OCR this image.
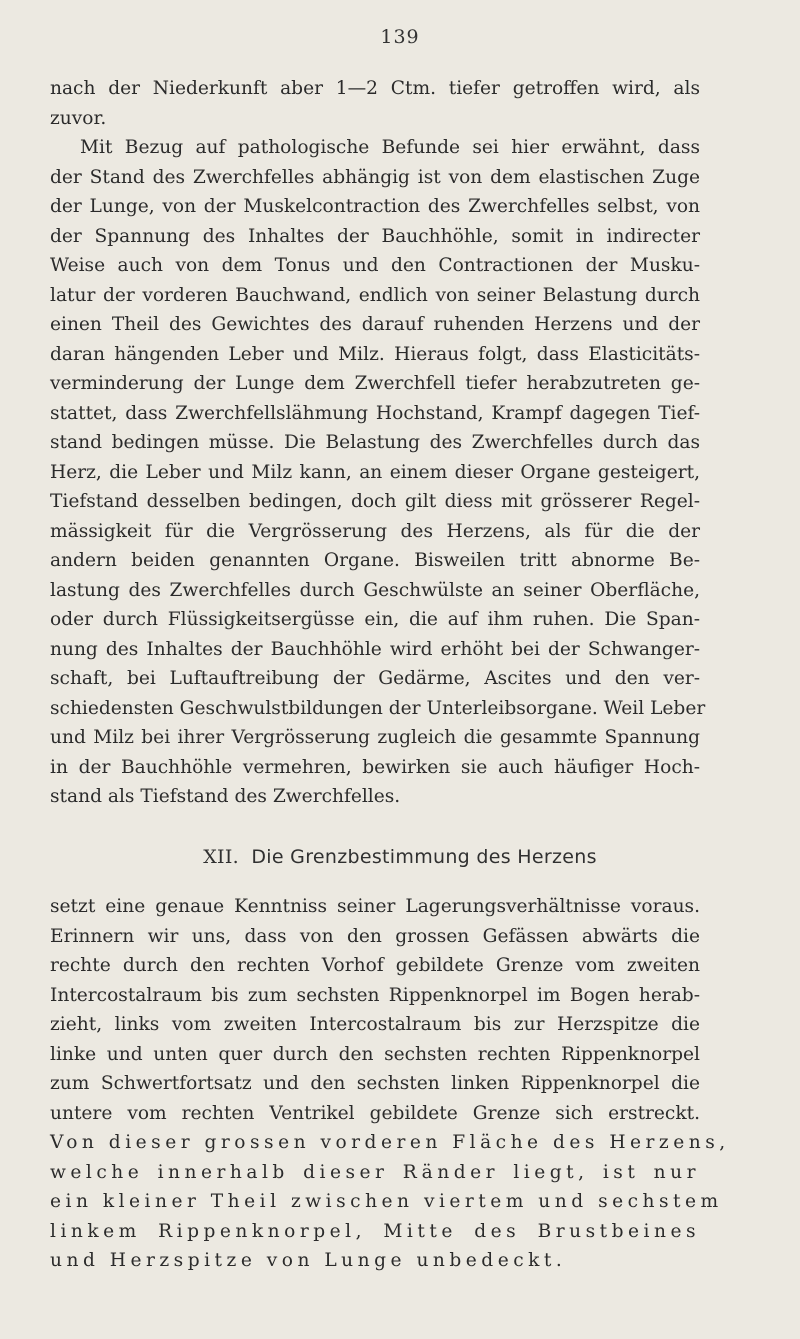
139
nach der Niederkunft aber 1—2 Ctm. tiefer getroffen wird, als
zuvor.
Mit Bezug auf pathologische Befunde sei hier erwähnt, dass
der Stand des Zwerchfelles abhängig ist von dem elastischen Zuge
der Lunge, von der Muskelcontraction des Zwerchfelles selbst, von
der Spannung des Inhaltes der Bauchhöhle, somit in indirecter
Weise auch von dem Tonus und den Contractionen der Musku-
latur der vorderen Bauchwand, endlich von seiner Belastung durch
einen Theil des Gewichtes des darauf ruhenden Herzens und der
daran hängenden Leber und Milz. Hieraus folgt, dass Elasticitäts-
verminderung der Lunge dem Zwerchfell tiefer herabzutreten ge-
stattet, dass Zwerchfellslähmung Hochstand, Krampf dagegen Tief-
stand bedingen müsse. Die Belastung des Zwerchfelles durch das
Herz, die Leber und Milz kann, an einem dieser Organe gesteigert,
Tiefstand desselben bedingen, doch gilt diess mit grösserer Regel-
mässigkeit für die Vergrösserung des Herzens, als für die der
andern beiden genannten Organe. Bisweilen tritt abnorme Be-
lastung des Zwerchfelles durch Geschwülste an seiner Oberfläche,
oder durch Flüssigkeitsergüsse ein, die auf ihm ruhen. Die Span-
nung des Inhaltes der Bauchhöhle wird erhöht bei der Schwanger-
schaft, bei Luftauftreibung der Gedärme, Ascites und den ver-
schiedensten Geschwulstbildungen der Unterleibsorgane. Weil Leber
und Milz bei ihrer Vergrösserung zugleich die gesammte Spannung
in der Bauchhöhle vermehren, bewirken sie auch häufiger Hoch-
stand als Tiefstand des Zwerchfelles.
XII. Die Grenzbestimmung des Herzens
setzt eine genaue Kenntniss seiner Lagerungsverhältnisse voraus.
Erinnern wir uns, dass von den grossen Gefässen abwärts die
rechte durch den rechten Vorhof gebildete Grenze vom zweiten
Intercostalraum bis zum sechsten Rippenknorpel im Bogen herab-
zieht, links vom zweiten Intercostalraum bis zur Herzspitze die
linke und unten quer durch den sechsten rechten Rippenknorpel
zum Schwertfortsatz und den sechsten linken Rippenknorpel die
untere vom rechten Ventrikel gebildete Grenze sich erstreckt.
Von dieser grossen vorderen Fläche des Herzens,
welche innerhalb dieser Ränder liegt, ist nur
ein kleiner Theil zwischen viertem und sechstem
linkem Rippenknorpel, Mitte des Brustbeines
und Herzspitze von Lunge unbedeckt.
